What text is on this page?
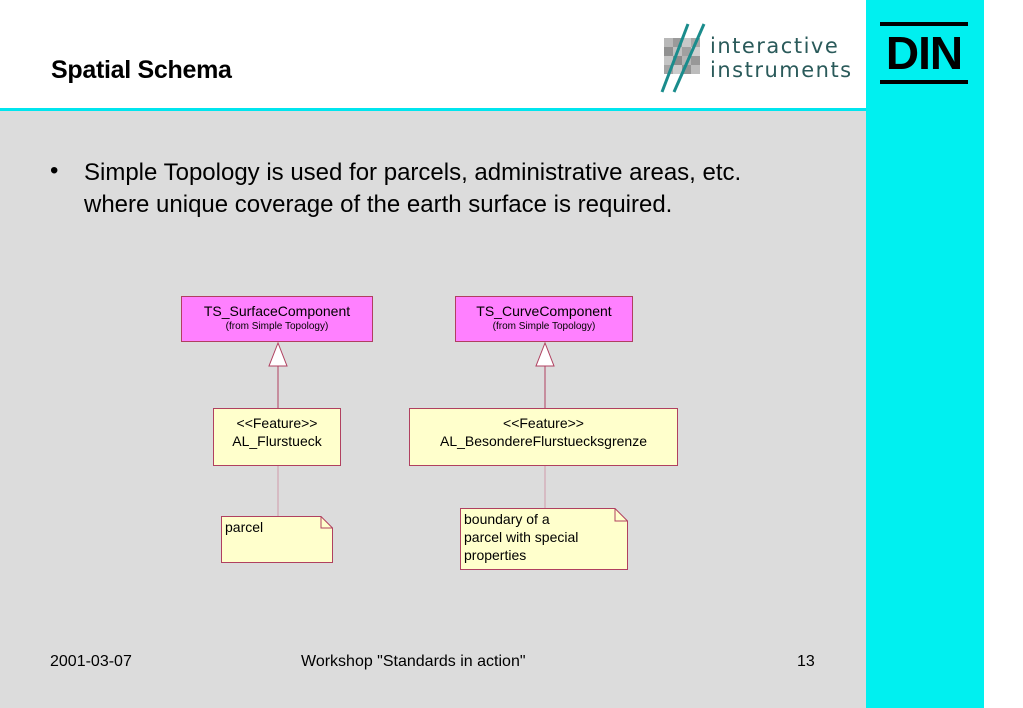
Spatial Schema	DIN
interactive
instruments
• Simple Topology is used for parcels, administrative areas, etc. where unique coverage of the earth surface is required.
TS_SurfaceComponent
(from Simple Topology)
TS_CurveComponent
(from Simple Topology)
<<Feature>>
AL_Flurstueck
<<Feature>>
AL_BesondereFlurstuecksgrenze
parcel	boundary of a
parcel with special
properties
2001-03-07	Workshop "Standards in action"	13
